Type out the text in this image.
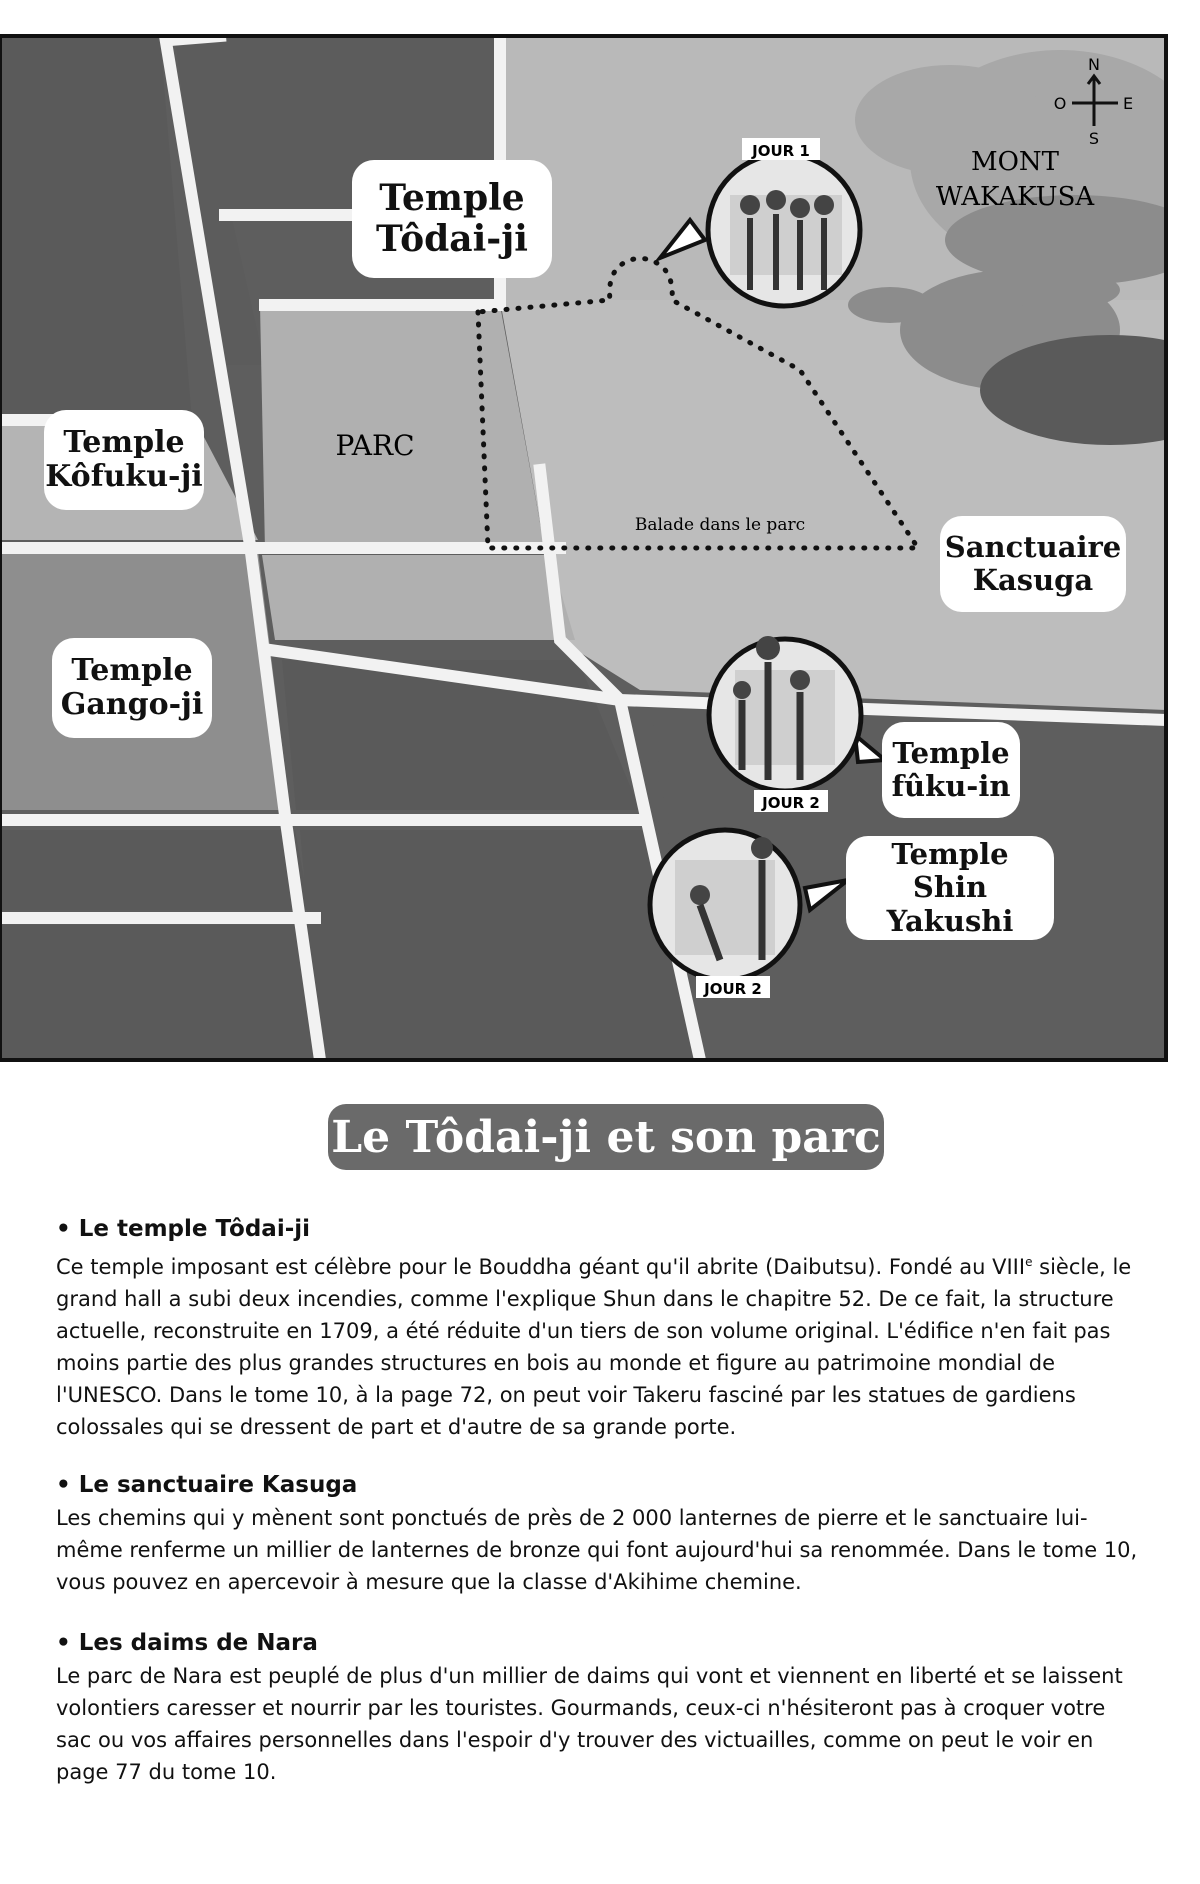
N
S
O	E
JOUR 1
JOUR 2
JOUR 2
PARC
Balade dans le parc
MONT
WAKAKUSA
Temple
Tôdai-ji
Temple
Kôfuku-ji
Temple
Gango-ji
Sanctuaire
Kasuga
Temple
fûku-in
Temple
Shin Yakushi
Le Tôdai-ji et son parc
• Le temple Tôdai-ji
Ce temple imposant est célèbre pour le Bouddha géant qu'il abrite (Daibutsu). Fondé au VIIIe siècle, le grand hall a subi deux incendies, comme l'explique Shun dans le chapitre 52. De ce fait, la structure actuelle, reconstruite en 1709, a été réduite d'un tiers de son volume original. L'édifice n'en fait pas moins partie des plus grandes structures en bois au monde et figure au patrimoine mondial de l'UNESCO. Dans le tome 10, à la page 72, on peut voir Takeru fasciné par les statues de gardiens colossales qui se dressent de part et d'autre de sa grande porte.
• Le sanctuaire Kasuga
Les chemins qui y mènent sont ponctués de près de 2 000 lanternes de pierre et le sanctuaire lui-même renferme un millier de lanternes de bronze qui font aujourd'hui sa renommée. Dans le tome 10, vous pouvez en apercevoir à mesure que la classe d'Akihime chemine.
• Les daims de Nara
Le parc de Nara est peuplé de plus d'un millier de daims qui vont et viennent en liberté et se laissent volontiers caresser et nourrir par les touristes. Gourmands, ceux-ci n'hésiteront pas à croquer votre sac ou vos affaires personnelles dans l'espoir d'y trouver des victuailles, comme on peut le voir en page 77 du tome 10.
